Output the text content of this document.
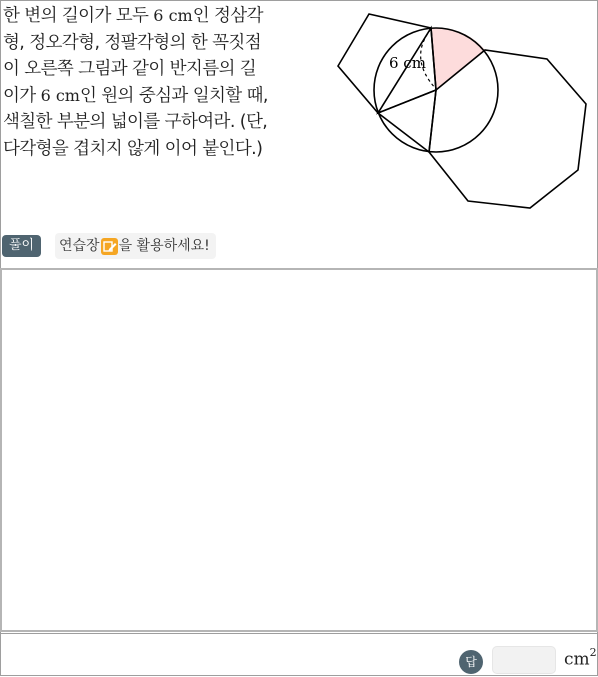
한 변의 길이가 모두 6 cm인 정삼각
형, 정오각형, 정팔각형의 한 꼭짓점
이 오른쪽 그림과 같이 반지름의 길
이가 6 cm인 원의 중심과 일치할 때,
색칠한 부분의 넓이를 구하여라. (단,
다각형을 겹치지 않게 이어 붙인다.)
6 cm
풀이	연습장 을 활용하세요!
답	$cm^2$
